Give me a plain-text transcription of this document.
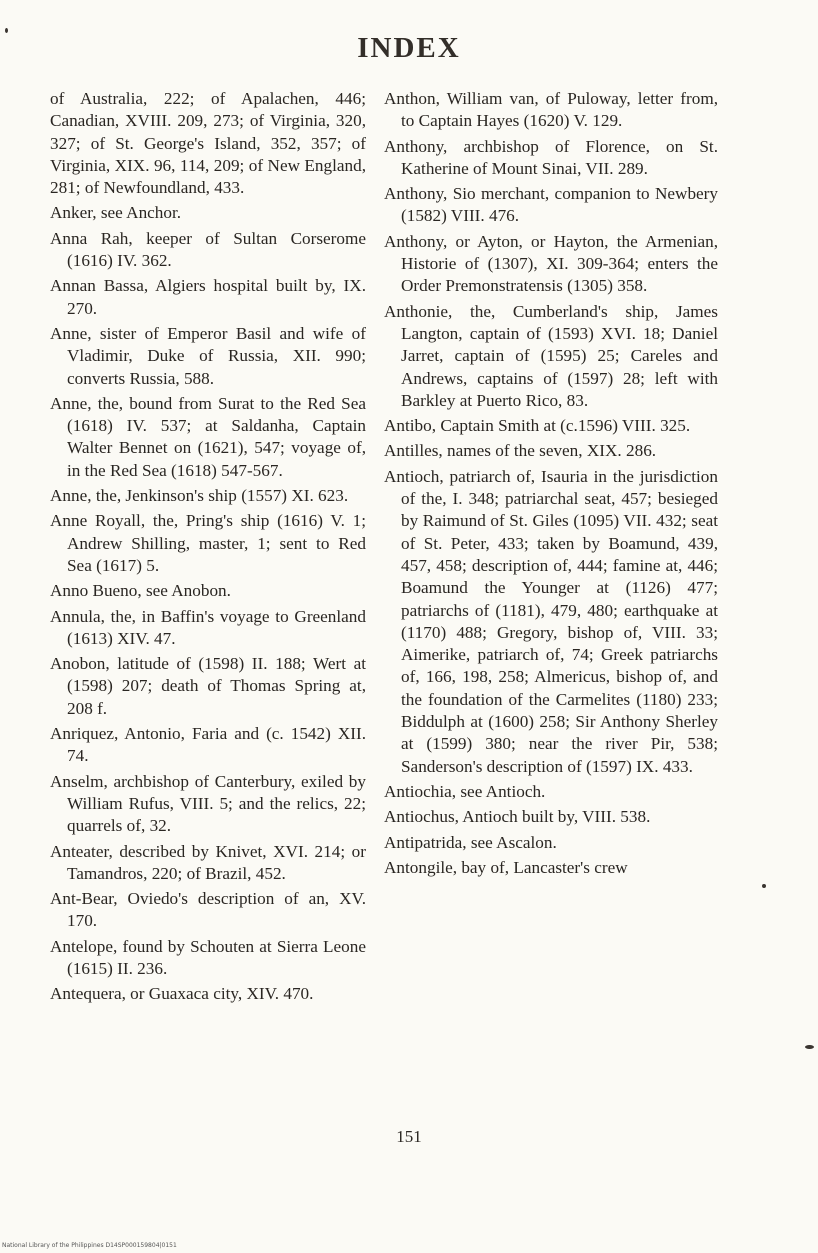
INDEX

of Australia, 222; of Apalachen, 446; Canadian, XVIII. 209, 273; of Virginia, 320, 327; of St. George's Island, 352, 357; of Virginia, XIX. 96, 114, 209; of New England, 281; of Newfoundland, 433.

Anker, see Anchor.

Anna Rah, keeper of Sultan Corserome (1616) IV. 362.

Annan Bassa, Algiers hospital built by, IX. 270.

Anne, sister of Emperor Basil and wife of Vladimir, Duke of Russia, XII. 990; converts Russia, 588.

Anne, the, bound from Surat to the Red Sea (1618) IV. 537; at Saldanha, Captain Walter Bennet on (1621), 547; voyage of, in the Red Sea (1618) 547-567.

Anne, the, Jenkinson's ship (1557) XI. 623.

Anne Royall, the, Pring's ship (1616) V. 1; Andrew Shilling, master, 1; sent to Red Sea (1617) 5.

Anno Bueno, see Anobon.

Annula, the, in Baffin's voyage to Greenland (1613) XIV. 47.

Anobon, latitude of (1598) II. 188; Wert at (1598) 207; death of Thomas Spring at, 208 f.

Anriquez, Antonio, Faria and (c. 1542) XII. 74.

Anselm, archbishop of Canterbury, exiled by William Rufus, VIII. 5; and the relics, 22; quarrels of, 32.

Anteater, described by Knivet, XVI. 214; or Tamandros, 220; of Brazil, 452.

Ant-Bear, Oviedo's description of an, XV. 170.

Antelope, found by Schouten at Sierra Leone (1615) II. 236.

Antequera, or Guaxaca city, XIV. 470.

Anthon, William van, of Puloway, letter from, to Captain Hayes (1620) V. 129.

Anthony, archbishop of Florence, on St. Katherine of Mount Sinai, VII. 289.

Anthony, Sio merchant, companion to Newbery (1582) VIII. 476.

Anthony, or Ayton, or Hayton, the Armenian, Historie of (1307), XI. 309-364; enters the Order Premonstratensis (1305) 358.

Anthonie, the, Cumberland's ship, James Langton, captain of (1593) XVI. 18; Daniel Jarret, captain of (1595) 25; Careles and Andrews, captains of (1597) 28; left with Barkley at Puerto Rico, 83.

Antibo, Captain Smith at (c.1596) VIII. 325.

Antilles, names of the seven, XIX. 286.

Antioch, patriarch of, Isauria in the jurisdiction of the, I. 348; patriarchal seat, 457; besieged by Raimund of St. Giles (1095) VII. 432; seat of St. Peter, 433; taken by Boamund, 439, 457, 458; description of, 444; famine at, 446; Boamund the Younger at (1126) 477; patriarchs of (1181), 479, 480; earthquake at (1170) 488; Gregory, bishop of, VIII. 33; Aimerike, patriarch of, 74; Greek patriarchs of, 166, 198, 258; Almericus, bishop of, and the foundation of the Carmelites (1180) 233; Biddulph at (1600) 258; Sir Anthony Sherley at (1599) 380; near the river Pir, 538; Sanderson's description of (1597) IX. 433.

Antiochia, see Antioch.

Antiochus, Antioch built by, VIII. 538.

Antipatrida, see Ascalon.

Antongile, bay of, Lancaster's crew

151
National Library of the Philippines D14SP000159804|0151
